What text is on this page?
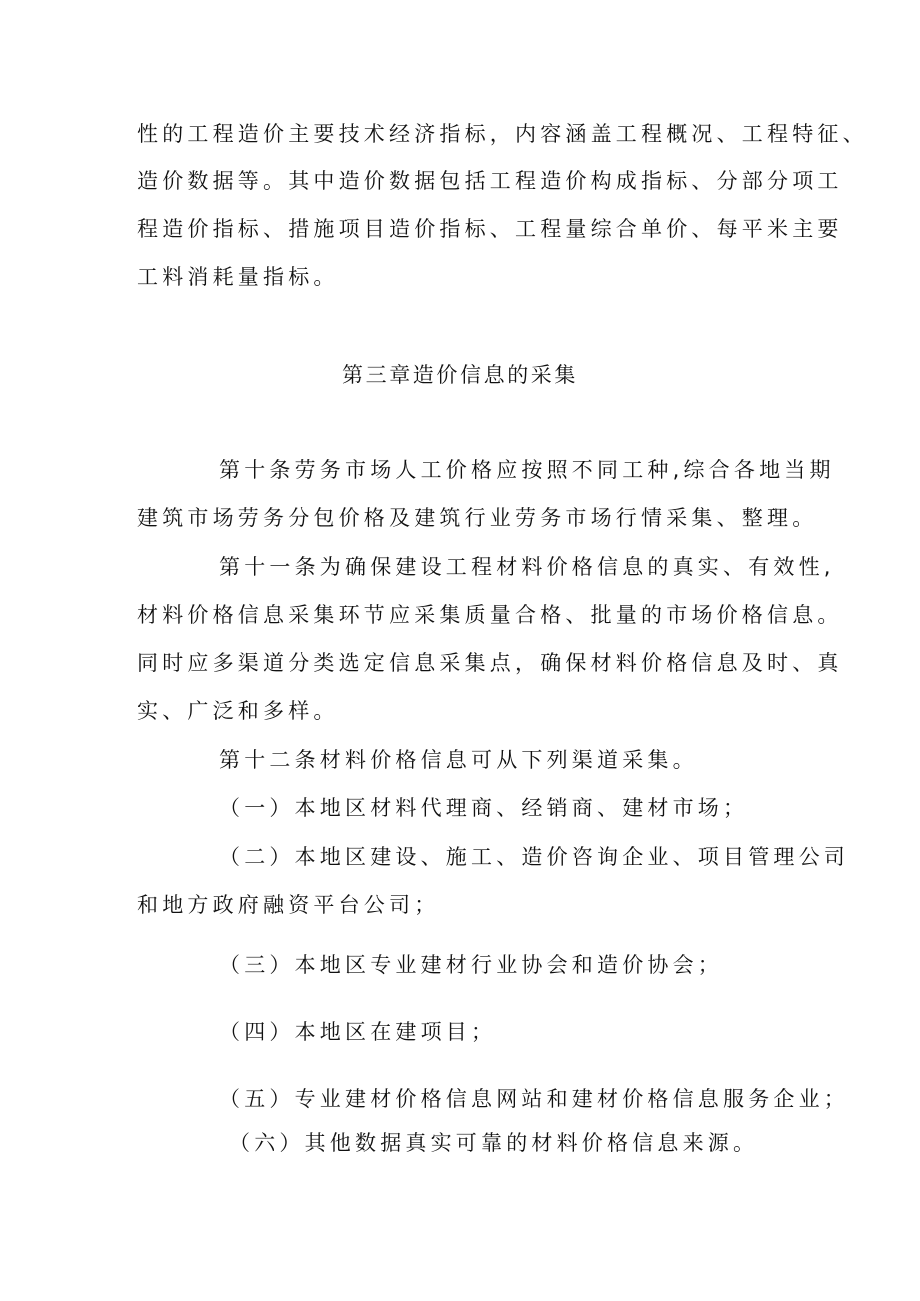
性的工程造价主要技术经济指标，内容涵盖工程概况、工程特征、
造价数据等。其中造价数据包括工程造价构成指标、分部分项工
程造价指标、措施项目造价指标、工程量综合单价、每平米主要
工料消耗量指标。
第三章造价信息的采集
第十条劳务市场人工价格应按照不同工种,综合各地当期
建筑市场劳务分包价格及建筑行业劳务市场行情采集、整理。
第十一条为确保建设工程材料价格信息的真实、有效性,
材料价格信息采集环节应采集质量合格、批量的市场价格信息。
同时应多渠道分类选定信息采集点，确保材料价格信息及时、真
实、广泛和多样。
第十二条材料价格信息可从下列渠道采集。
（一）本地区材料代理商、经销商、建材市场；
（二）本地区建设、施工、造价咨询企业、项目管理公司
和地方政府融资平台公司；
（三）本地区专业建材行业协会和造价协会；
（四）本地区在建项目；
（五）专业建材价格信息网站和建材价格信息服务企业；
（六）其他数据真实可靠的材料价格信息来源。
